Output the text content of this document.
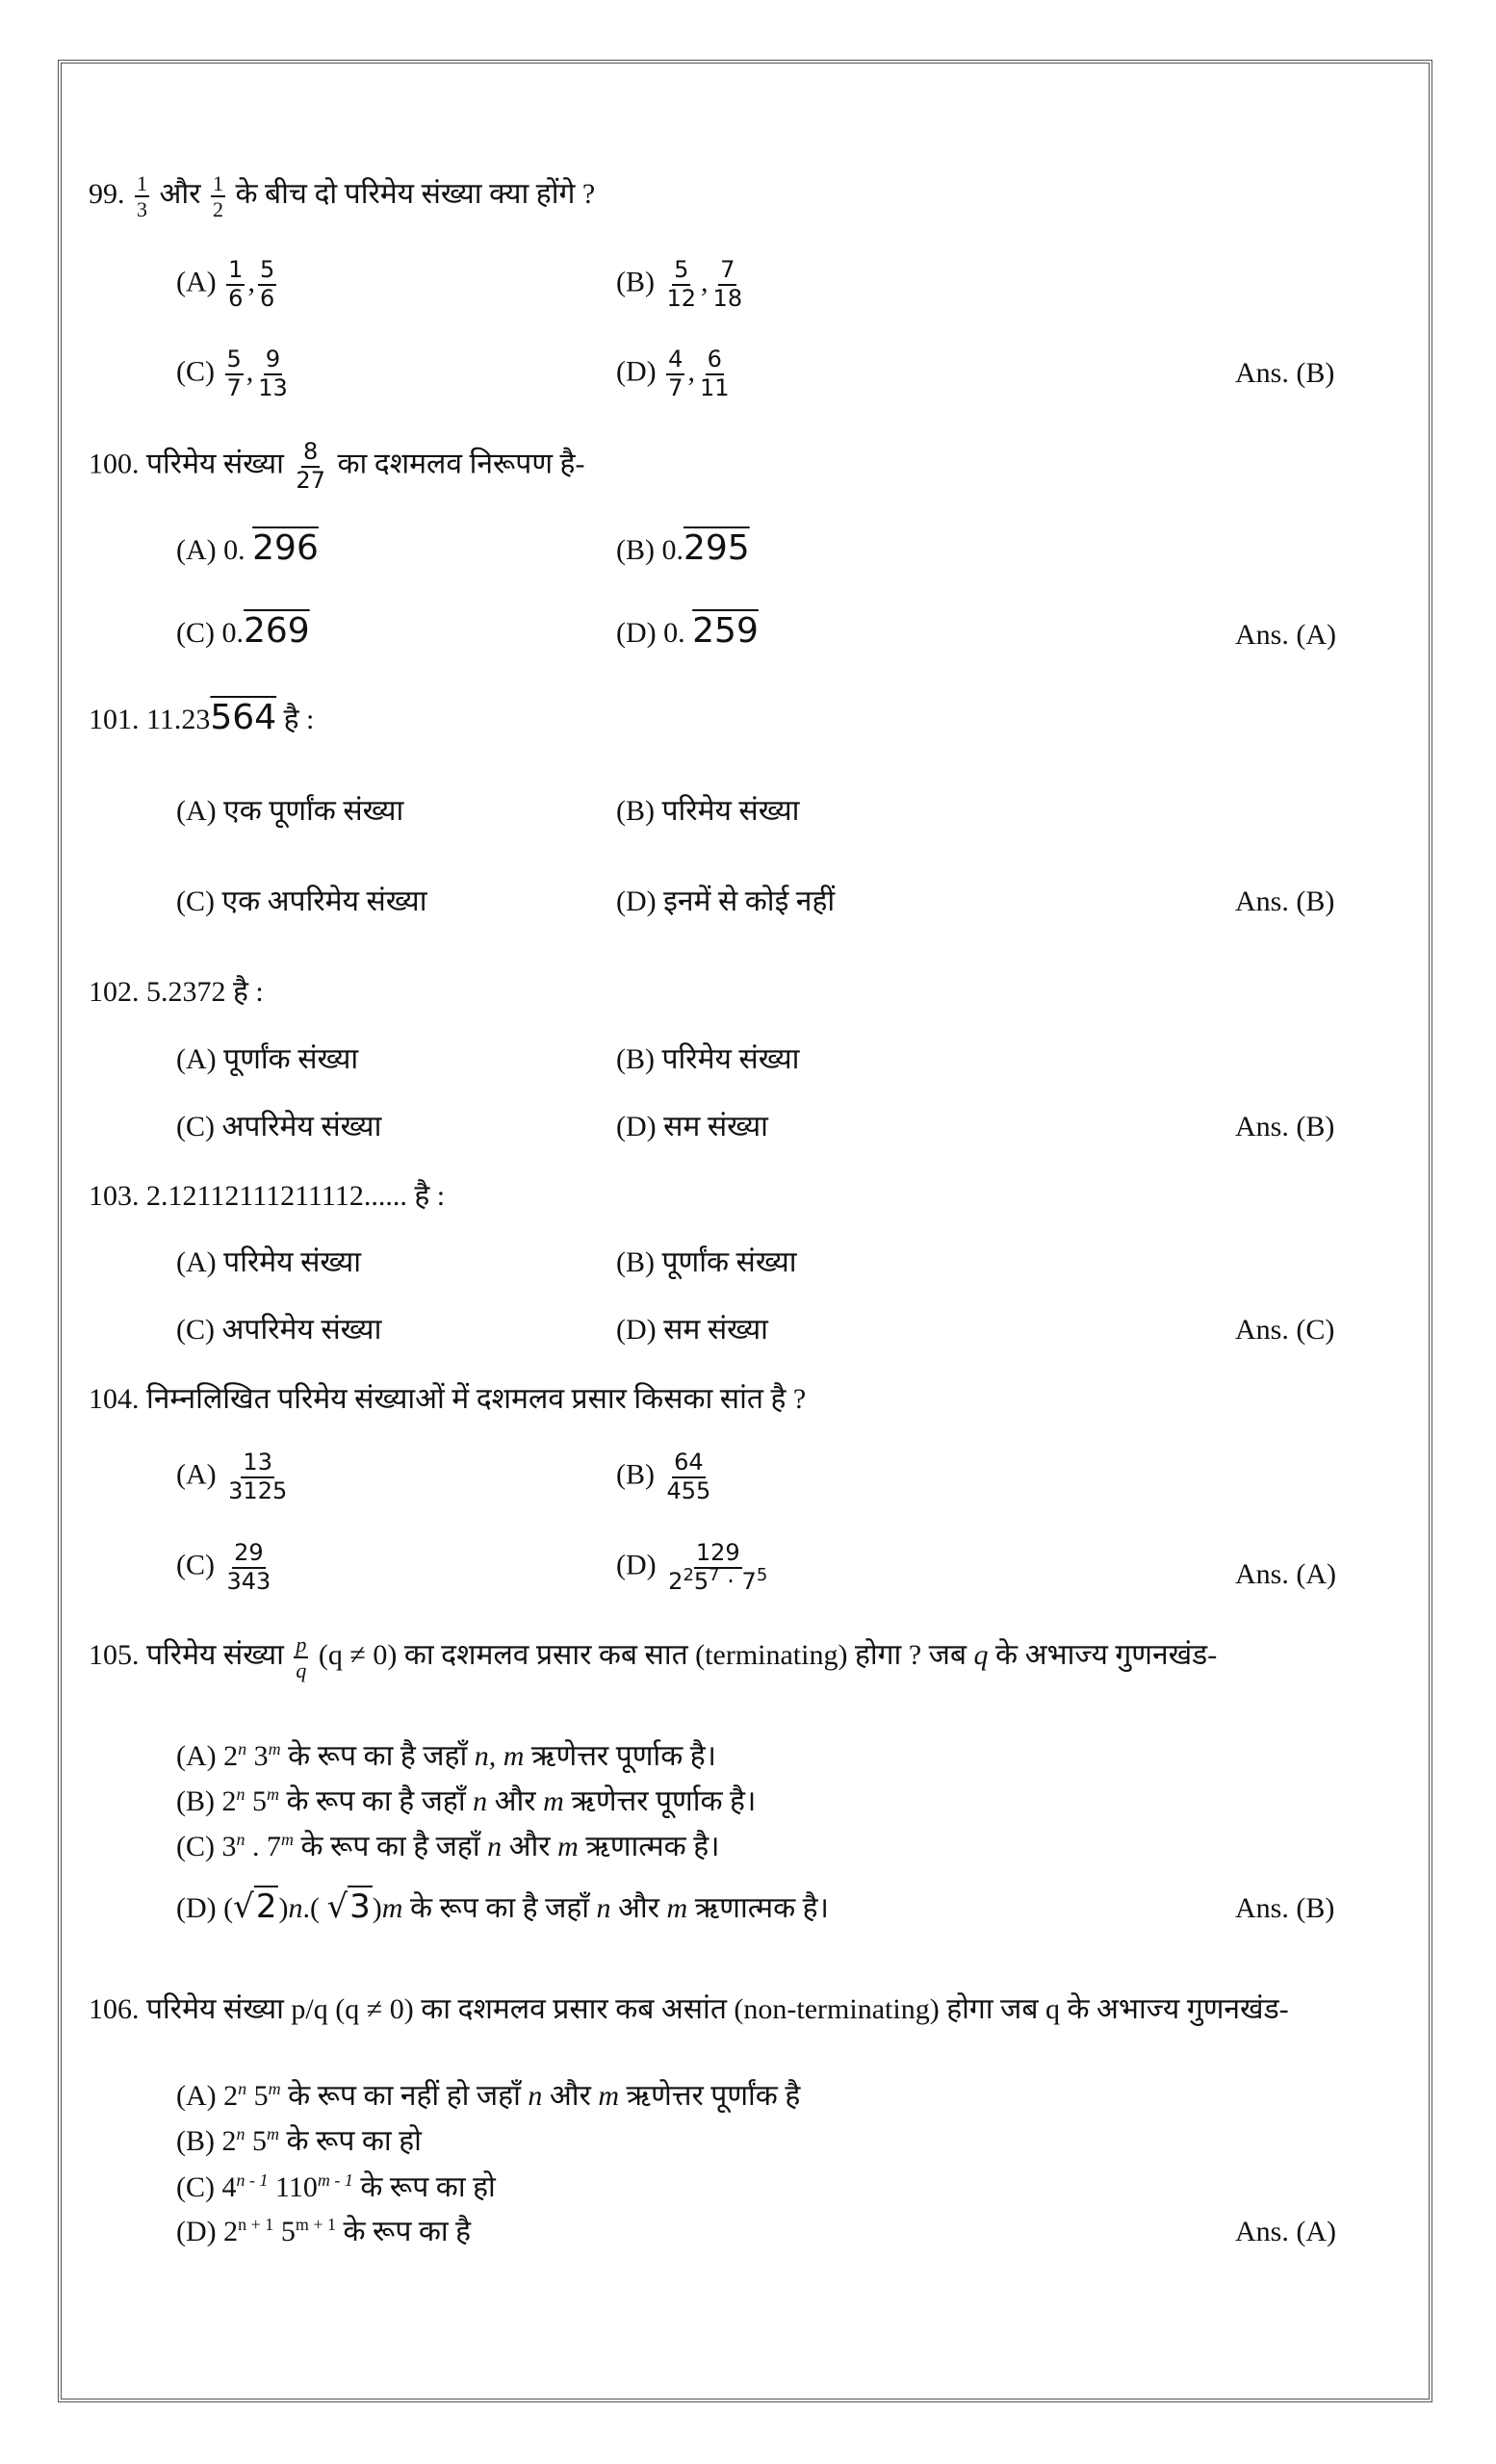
99. $\frac{1}{3}$ और $\frac{1}{2}$ के बीच दो परिमेय संख्या क्या होंगे ?
$(A) \frac{1}{6}$ , $\frac{5}{6}$	$(B) \frac{5}{12}$ , $\frac{7}{18}$
$(C) \frac{5}{7}$ , $\frac{9}{13}$	$(D) \frac{4}{7}$ , $\frac{6}{11}$	Ans. (B)
100. परिमेय संख्या $\frac{8}{27}$ का दशमलव निरूपण है-
(A) 0. 296	(B) 0.295
(C) 0.269	(D) 0. 259	Ans. (A)
101. 11.23564 है :
(A) एक पूर्णांक संख्या	(B) परिमेय संख्या
(C) एक अपरिमेय संख्या	(D) इनमें से कोई नहीं	Ans. (B)
102. 5.2372 है :
(A) पूर्णांक संख्या	(B) परिमेय संख्या
(C) अपरिमेय संख्या	(D) सम संख्या	Ans. (B)
103. 2.12112111211112...... है :
(A) परिमेय संख्या	(B) पूर्णांक संख्या
(C) अपरिमेय संख्या	(D) सम संख्या	Ans. (C)
104. निम्नलिखित परिमेय संख्याओं में दशमलव प्रसार किसका सांत है ?
$(A) \frac{13}{3125}$	$(B) \frac{64}{455}$
$(C) \frac{29}{343}$	$(D) \frac{129}{2^25^7 \cdot 7^5}$	Ans. (A)
105. परिमेय संख्या $\frac{p}{q} (q \ne 0)$ का दशमलव प्रसार कब सात (terminating) होगा ? जब q के अभाज्य गुणनखंड-
(A) 2$^n$ 3$^m$ के रूप का है जहाँ n, m ऋणेत्तर पूर्णाक है।
(B) 2$^n$ 5$^m$ के रूप का है जहाँ n और m ऋणेत्तर पूर्णाक है।
(C) 3$^n$ . 7$^m$ के रूप का है जहाँ n और m ऋणात्मक है।
(D) (√2)n.( √3)m के रूप का है जहाँ n और m ऋणात्मक है।	Ans. (B)
106. परिमेय संख्या p/q (q ≠ 0) का दशमलव प्रसार कब असांत (non-terminating) होगा जब q के अभाज्य गुणनखंड-
(A) 2$^n$ 5$^m$ के रूप का नहीं हो जहाँ n और m ऋणेत्तर पूर्णांक है
(B) 2$^n$ 5$^m$ के रूप का हो
(C) 4$^{n - 1}$ 110$^{m - 1}$ के रूप का हो
(D) $2^{n + 1}$ $5^{m + 1}$ के रूप का है	Ans. (A)
